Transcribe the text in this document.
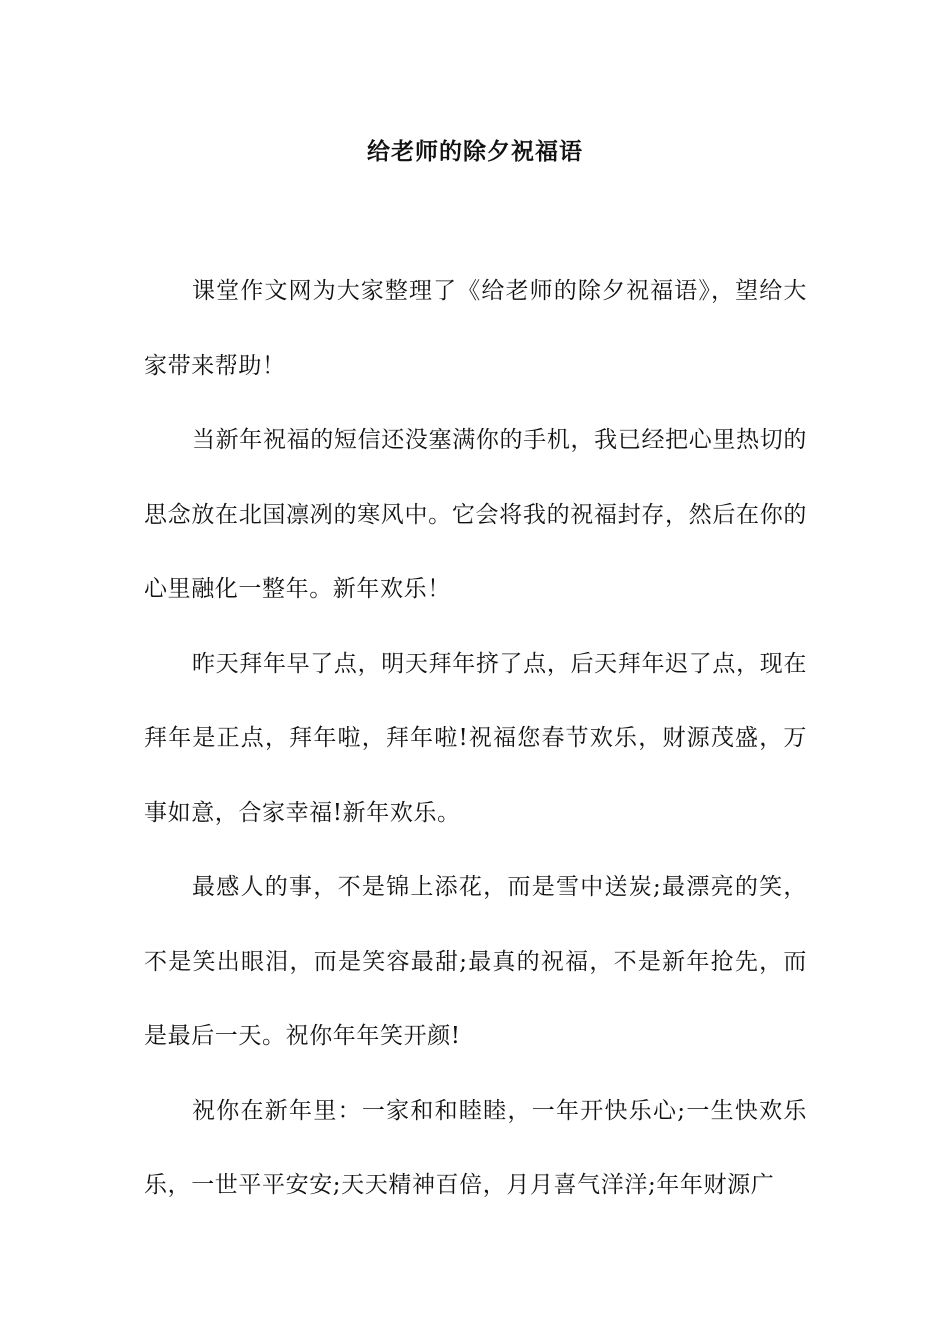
给老师的除夕祝福语

课堂作文网为大家整理了《给老师的除夕祝福语》，望给大家带来帮助！

当新年祝福的短信还没塞满你的手机，我已经把心里热切的思念放在北国凛冽的寒风中。它会将我的祝福封存，然后在你的心里融化一整年。新年欢乐！

昨天拜年早了点，明天拜年挤了点，后天拜年迟了点，现在拜年是正点，拜年啦，拜年啦!祝福您春节欢乐，财源茂盛，万事如意，合家幸福!新年欢乐。

最感人的事，不是锦上添花，而是雪中送炭;最漂亮的笑，不是笑出眼泪，而是笑容最甜;最真的祝福，不是新年抢先，而是最后一天。祝你年年笑开颜!

祝你在新年里：一家和和睦睦，一年开快乐心;一生快欢乐乐，一世平平安安;天天精神百倍，月月喜气洋洋;年年财源广
